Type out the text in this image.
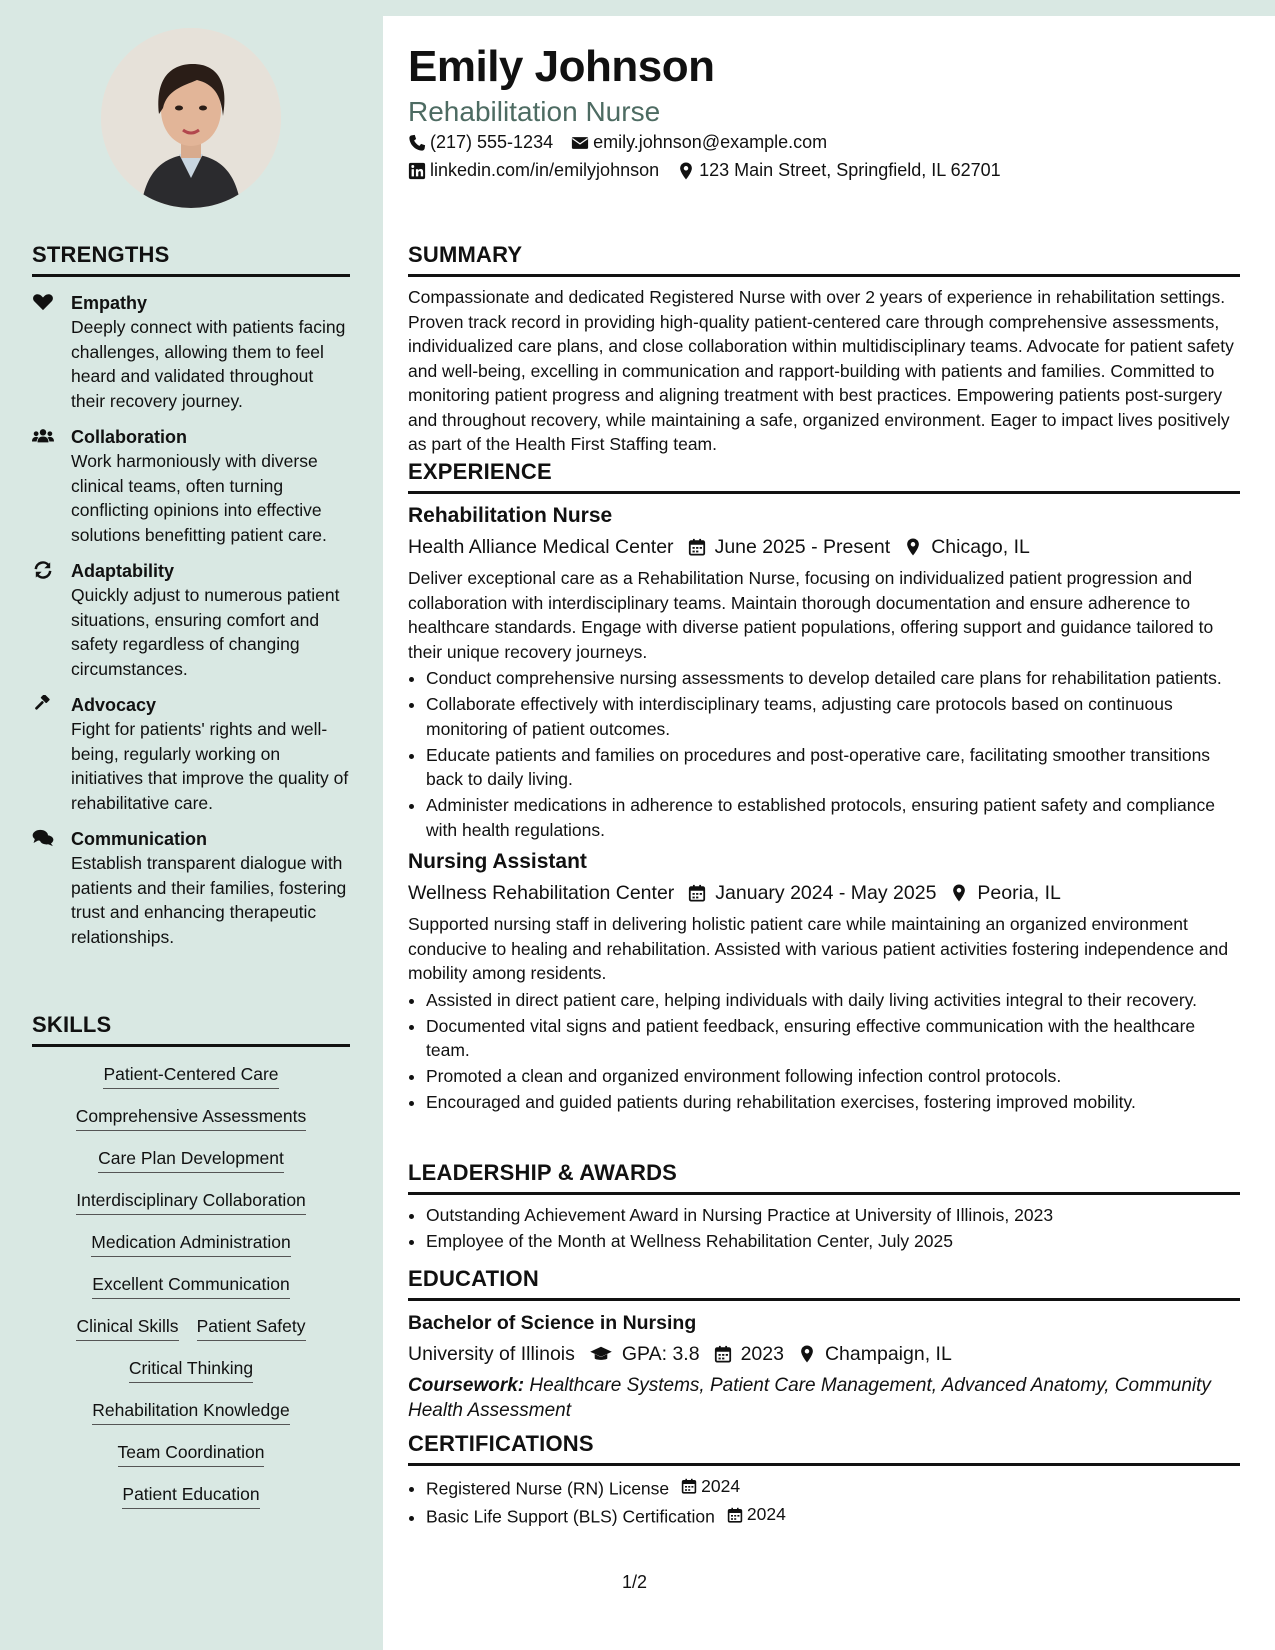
STRENGTHS
Empathy
Deeply connect with patients facing challenges, allowing them to feel heard and validated throughout their recovery journey.
Collaboration
Work harmoniously with diverse clinical teams, often turning conflicting opinions into effective solutions benefitting patient care.
Adaptability
Quickly adjust to numerous patient situations, ensuring comfort and safety regardless of changing circumstances.
Advocacy
Fight for patients' rights and well-being, regularly working on initiatives that improve the quality of rehabilitative care.
Communication
Establish transparent dialogue with patients and their families, fostering trust and enhancing therapeutic relationships.
SKILLS
Patient-Centered Care
Comprehensive Assessments
Care Plan Development
Interdisciplinary Collaboration
Medication Administration
Excellent Communication
Clinical Skills Patient Safety
Critical Thinking
Rehabilitation Knowledge
Team Coordination
Patient Education
Emily Johnson
Rehabilitation Nurse
(217) 555-1234 emily.johnson@example.com
linkedin.com/in/emilyjohnson 123 Main Street, Springfield, IL 62701
SUMMARY

Compassionate and dedicated Registered Nurse with over 2 years of experience in rehabilitation settings. Proven track record in providing high-quality patient-centered care through comprehensive assessments, individualized care plans, and close collaboration within multidisciplinary teams. Advocate for patient safety and well-being, excelling in communication and rapport-building with patients and families. Committed to monitoring patient progress and aligning treatment with best practices. Empowering patients post-surgery and throughout recovery, while maintaining a safe, organized environment. Eager to impact lives positively as part of the Health First Staffing team.

EXPERIENCE
Rehabilitation Nurse
Health Alliance Medical Center June 2025 - Present Chicago, IL

Deliver exceptional care as a Rehabilitation Nurse, focusing on individualized patient progression and collaboration with interdisciplinary teams. Maintain thorough documentation and ensure adherence to healthcare standards. Engage with diverse patient populations, offering support and guidance tailored to their unique recovery journeys.

• Conduct comprehensive nursing assessments to develop detailed care plans for rehabilitation patients.
• Collaborate effectively with interdisciplinary teams, adjusting care protocols based on continuous monitoring of patient outcomes.
• Educate patients and families on procedures and post-operative care, facilitating smoother transitions back to daily living.
• Administer medications in adherence to established protocols, ensuring patient safety and compliance with health regulations.
Nursing Assistant
Wellness Rehabilitation Center January 2024 - May 2025 Peoria, IL

Supported nursing staff in delivering holistic patient care while maintaining an organized environment conducive to healing and rehabilitation. Assisted with various patient activities fostering independence and mobility among residents.

• Assisted in direct patient care, helping individuals with daily living activities integral to their recovery.
• Documented vital signs and patient feedback, ensuring effective communication with the healthcare team.
• Promoted a clean and organized environment following infection control protocols.
• Encouraged and guided patients during rehabilitation exercises, fostering improved mobility.
LEADERSHIP & AWARDS
• Outstanding Achievement Award in Nursing Practice at University of Illinois, 2023
• Employee of the Month at Wellness Rehabilitation Center, July 2025
EDUCATION
Bachelor of Science in Nursing
University of Illinois GPA: 3.8 2023 Champaign, IL
Coursework: Healthcare Systems, Patient Care Management, Advanced Anatomy, Community Health Assessment
CERTIFICATIONS
• Registered Nurse (RN) License 2024
• Basic Life Support (BLS) Certification 2024
1/2
